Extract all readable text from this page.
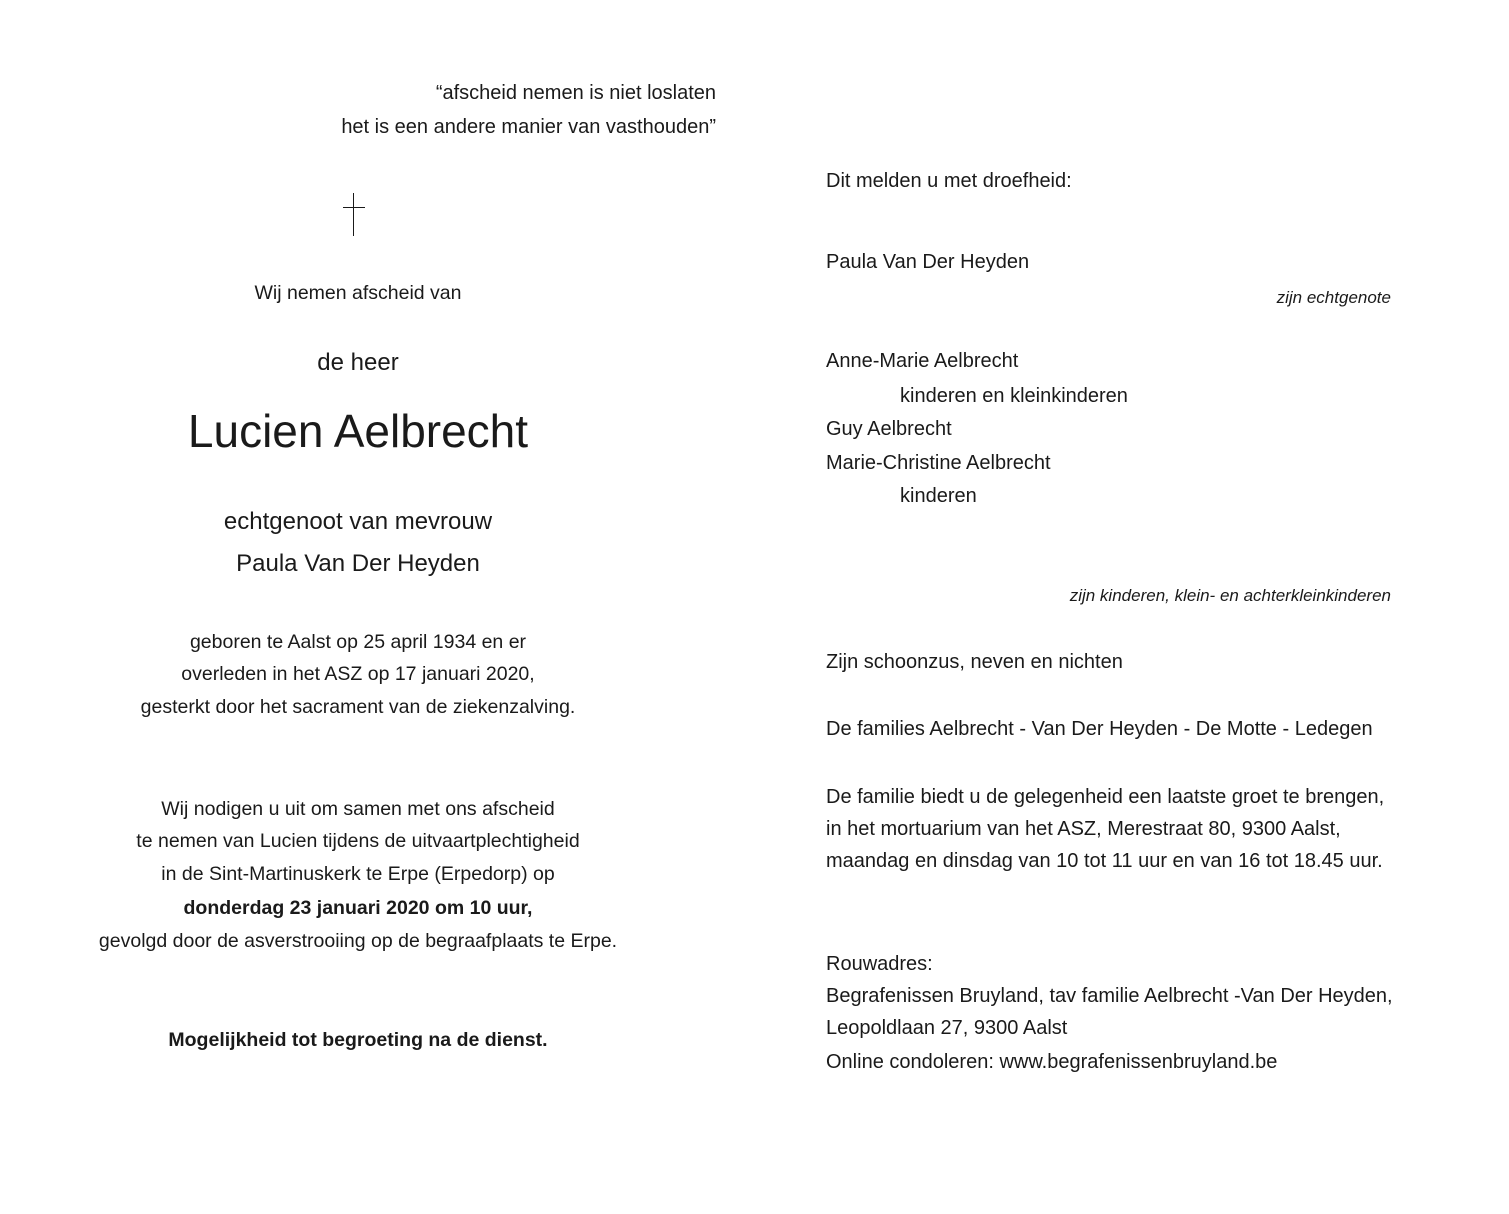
“afscheid nemen is niet loslaten
het is een andere manier van vasthouden”
Wij nemen afscheid van
de heer
Lucien Aelbrecht
echtgenoot van mevrouw
Paula Van Der Heyden
geboren te Aalst op 25 april 1934 en er
overleden in het ASZ op 17 januari 2020,
gesterkt door het sacrament van de ziekenzalving.
Wij nodigen u uit om samen met ons afscheid
te nemen van Lucien tijdens de uitvaartplechtigheid
in de Sint-Martinuskerk te Erpe (Erpedorp) op
donderdag 23 januari 2020 om 10 uur,
gevolgd door de asverstrooiing op de begraafplaats te Erpe.
Mogelijkheid tot begroeting na de dienst.
Dit melden u met droefheid:
Paula Van Der Heyden
zijn echtgenote
Anne-Marie Aelbrecht
kinderen en kleinkinderen
Guy Aelbrecht
Marie-Christine Aelbrecht
kinderen
zijn kinderen, klein- en achterkleinkinderen
Zijn schoonzus, neven en nichten
De families Aelbrecht - Van Der Heyden - De Motte - Ledegen
De familie biedt u de gelegenheid een laatste groet te brengen,
in het mortuarium van het ASZ, Merestraat 80, 9300 Aalst,
maandag en dinsdag van 10 tot 11 uur en van 16 tot 18.45 uur.
Rouwadres:
Begrafenissen Bruyland, tav familie Aelbrecht -Van Der Heyden,
Leopoldlaan 27, 9300 Aalst
Online condoleren: www.begrafenissenbruyland.be
